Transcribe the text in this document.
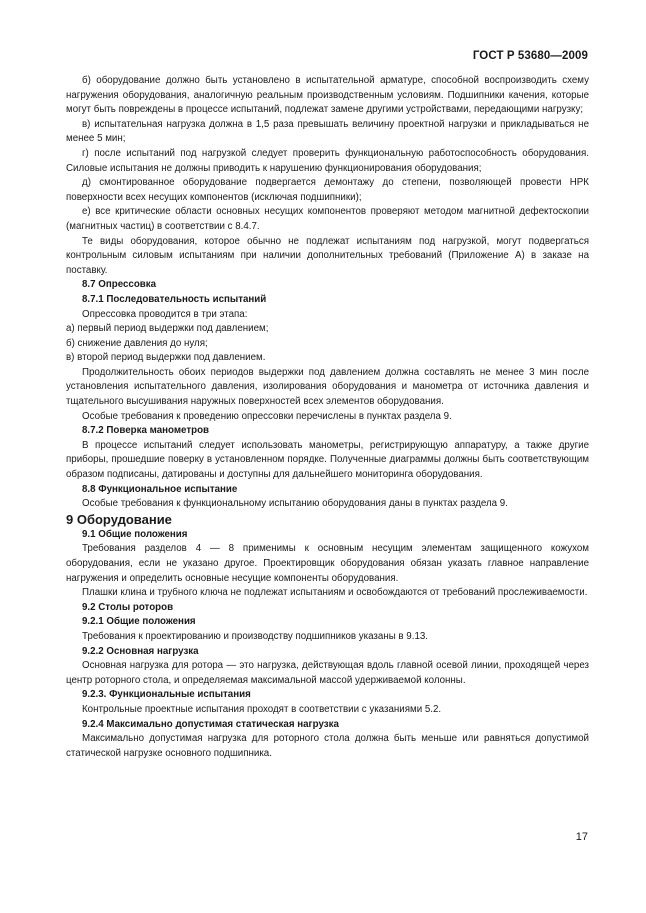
ГОСТ Р 53680—2009

б) оборудование должно быть установлено в испытательной арматуре, способной воспроизводить схему нагружения оборудования, аналогичную реальным производственным условиям. Подшипники качения, которые могут быть повреждены в процессе испытаний, подлежат замене другими устройствами, передающими нагрузку;

в) испытательная нагрузка должна в 1,5 раза превышать величину проектной нагрузки и прикладываться не менее 5 мин;

г) после испытаний под нагрузкой следует проверить функциональную работоспособность оборудования. Силовые испытания не должны приводить к нарушению функционирования оборудования;

д) смонтированное оборудование подвергается демонтажу до степени, позволяющей провести НРК поверхности всех несущих компонентов (исключая подшипники);

е) все критические области основных несущих компонентов проверяют методом магнитной дефектоскопии (магнитных частиц) в соответствии с 8.4.7.

Те виды оборудования, которое обычно не подлежат испытаниям под нагрузкой, могут подвергаться контрольным силовым испытаниям при наличии дополнительных требований (Приложение А) в заказе на поставку.

8.7 Опрессовка

8.7.1 Последовательность испытаний

Опрессовка проводится в три этапа:

а) первый период выдержки под давлением;

б) снижение давления до нуля;

в) второй период выдержки под давлением.

Продолжительность обоих периодов выдержки под давлением должна составлять не менее 3 мин после установления испытательного давления, изолирования оборудования и манометра от источника давления и тщательного высушивания наружных поверхностей всех элементов оборудования.

Особые требования к проведению опрессовки перечислены в пунктах раздела 9.

8.7.2 Поверка манометров

В процессе испытаний следует использовать манометры, регистрирующую аппаратуру, а также другие приборы, прошедшие поверку в установленном порядке. Полученные диаграммы должны быть соответствующим образом подписаны, датированы и доступны для дальнейшего мониторинга оборудования.

8.8 Функциональное испытание

Особые требования к функциональному испытанию оборудования даны в пунктах раздела 9.

9 Оборудование

9.1 Общие положения

Требования разделов 4 — 8 применимы к основным несущим элементам защищенного кожухом оборудования, если не указано другое. Проектировщик оборудования обязан указать главное направление нагружения и определить основные несущие компоненты оборудования.

Плашки клина и трубного ключа не подлежат испытаниям и освобождаются от требований прослеживаемости.

9.2 Столы роторов

9.2.1 Общие положения

Требования к проектированию и производству подшипников указаны в 9.13.

9.2.2 Основная нагрузка

Основная нагрузка для ротора — это нагрузка, действующая вдоль главной осевой линии, проходящей через центр роторного стола, и определяемая максимальной массой удерживаемой колонны.

9.2.3. Функциональные испытания

Контрольные проектные испытания проходят в соответствии с указаниями 5.2.

9.2.4 Максимально допустимая статическая нагрузка

Максимально допустимая нагрузка для роторного стола должна быть меньше или равняться допустимой статической нагрузке основного подшипника.

17
